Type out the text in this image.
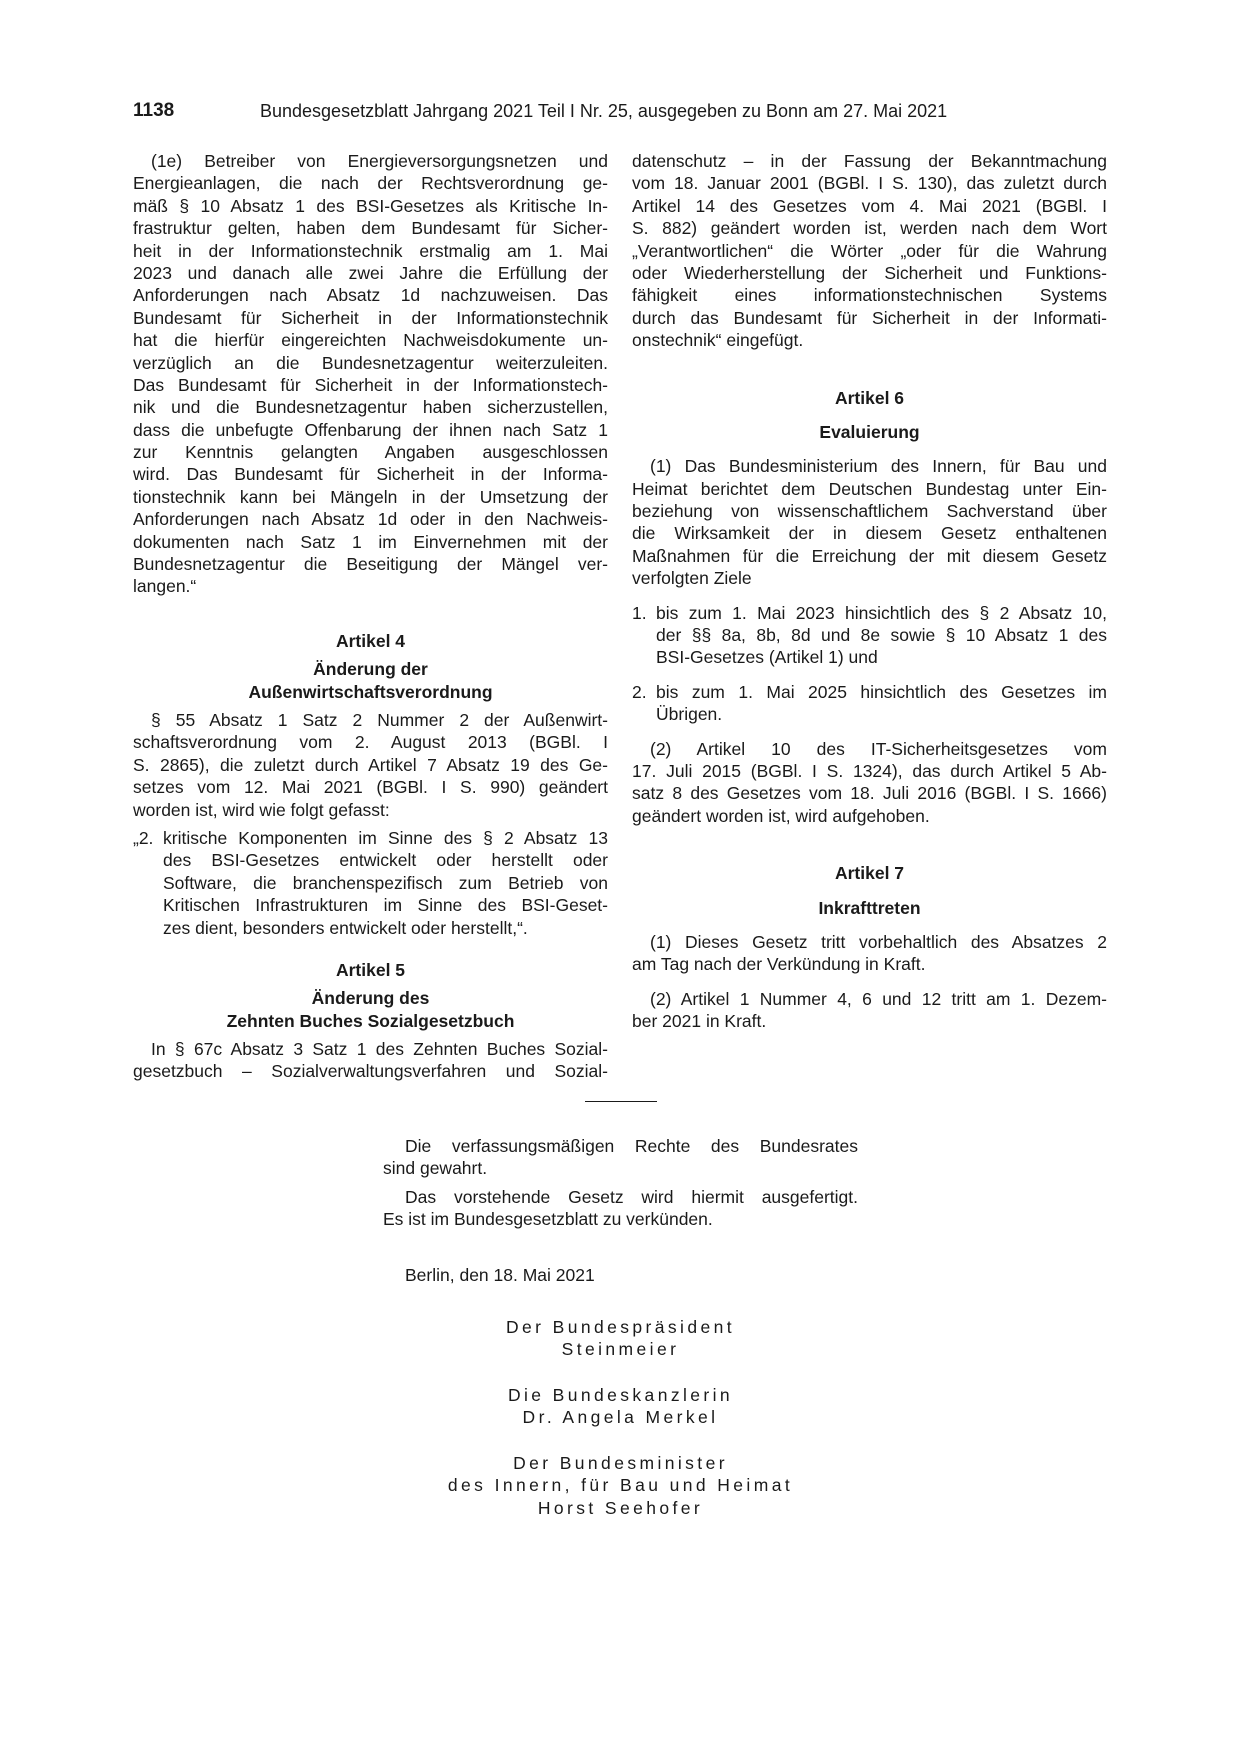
1138	Bundesgesetzblatt Jahrgang 2021 Teil I Nr. 25, ausgegeben zu Bonn am 27. Mai 2021
(1e) Betreiber von Energieversorgungsnetzen und
Energieanlagen, die nach der Rechtsverordnung ge-
mäß § 10 Absatz 1 des BSI-Gesetzes als Kritische In-
frastruktur gelten, haben dem Bundesamt für Sicher-
heit in der Informationstechnik erstmalig am 1. Mai
2023 und danach alle zwei Jahre die Erfüllung der
Anforderungen nach Absatz 1d nachzuweisen. Das
Bundesamt für Sicherheit in der Informationstechnik
hat die hierfür eingereichten Nachweisdokumente un-
verzüglich an die Bundesnetzagentur weiterzuleiten.
Das Bundesamt für Sicherheit in der Informationstech-
nik und die Bundesnetzagentur haben sicherzustellen,
dass die unbefugte Offenbarung der ihnen nach Satz 1
zur Kenntnis gelangten Angaben ausgeschlossen
wird. Das Bundesamt für Sicherheit in der Informa-
tionstechnik kann bei Mängeln in der Umsetzung der
Anforderungen nach Absatz 1d oder in den Nachweis-
dokumenten nach Satz 1 im Einvernehmen mit der
Bundesnetzagentur die Beseitigung der Mängel ver-
langen.“
Artikel 4
Änderung der
Außenwirtschaftsverordnung
§ 55 Absatz 1 Satz 2 Nummer 2 der Außenwirt-
schaftsverordnung vom 2. August 2013 (BGBl. I
S. 2865), die zuletzt durch Artikel 7 Absatz 19 des Ge-
setzes vom 12. Mai 2021 (BGBl. I S. 990) geändert
worden ist, wird wie folgt gefasst:
„2. kritische Komponenten im Sinne des § 2 Absatz 13
des BSI-Gesetzes entwickelt oder herstellt oder
Software, die branchenspezifisch zum Betrieb von
Kritischen Infrastrukturen im Sinne des BSI-Geset-
zes dient, besonders entwickelt oder herstellt,“.
Artikel 5
Änderung des
Zehnten Buches Sozialgesetzbuch
In § 67c Absatz 3 Satz 1 des Zehnten Buches Sozial-
gesetzbuch – Sozialverwaltungsverfahren und Sozial-
datenschutz – in der Fassung der Bekanntmachung
vom 18. Januar 2001 (BGBl. I S. 130), das zuletzt durch
Artikel 14 des Gesetzes vom 4. Mai 2021 (BGBl. I
S. 882) geändert worden ist, werden nach dem Wort
„Verantwortlichen“ die Wörter „oder für die Wahrung
oder Wiederherstellung der Sicherheit und Funktions-
fähigkeit eines informationstechnischen Systems
durch das Bundesamt für Sicherheit in der Informati-
onstechnik“ eingefügt.
Artikel 6
Evaluierung
(1) Das Bundesministerium des Innern, für Bau und
Heimat berichtet dem Deutschen Bundestag unter Ein-
beziehung von wissenschaftlichem Sachverstand über
die Wirksamkeit der in diesem Gesetz enthaltenen
Maßnahmen für die Erreichung der mit diesem Gesetz
verfolgten Ziele
1. bis zum 1. Mai 2023 hinsichtlich des § 2 Absatz 10,
der §§ 8a, 8b, 8d und 8e sowie § 10 Absatz 1 des
BSI-Gesetzes (Artikel 1) und
2. bis zum 1. Mai 2025 hinsichtlich des Gesetzes im
Übrigen.
(2) Artikel 10 des IT-Sicherheitsgesetzes vom
17. Juli 2015 (BGBl. I S. 1324), das durch Artikel 5 Ab-
satz 8 des Gesetzes vom 18. Juli 2016 (BGBl. I S. 1666)
geändert worden ist, wird aufgehoben.
Artikel 7
Inkrafttreten
(1) Dieses Gesetz tritt vorbehaltlich des Absatzes 2
am Tag nach der Verkündung in Kraft.
(2) Artikel 1 Nummer 4, 6 und 12 tritt am 1. Dezem-
ber 2021 in Kraft.
Die verfassungsmäßigen Rechte des Bundesrates
sind gewahrt.
Das vorstehende Gesetz wird hiermit ausgefertigt.
Es ist im Bundesgesetzblatt zu verkünden.
Berlin, den 18. Mai 2021
Der Bundespräsident
Steinmeier
Die Bundeskanzlerin
Dr. Angela Merkel
Der Bundesminister
des Innern, für Bau und Heimat
Horst Seehofer
